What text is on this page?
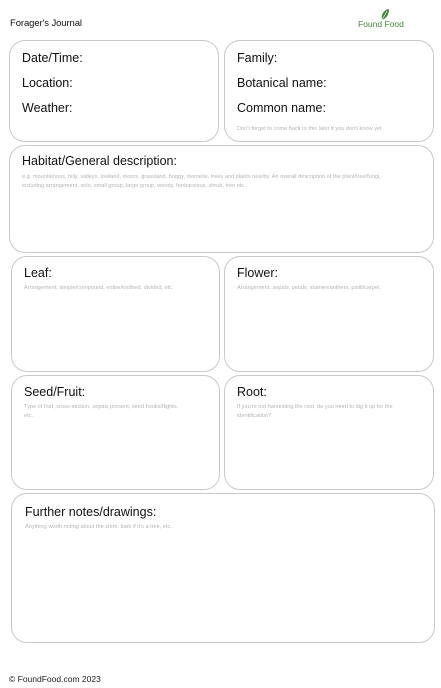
Forager's Journal	Found Food
Date/Time:
Location:
Weather:
Family:
Botanical name:
Common name:
Don't forget to come back to this later if you don't know yet
Habitat/General description:
e.g. mountainous, hilly, valleys, lowland, moors, grassland, boggy, riverside, trees and plants nearby. An overall description of the plant/tree/fungi, including arrangement, solo, small group, large group, woody, herbaceous, shrub, tree etc.
Leaf:
Arrangement, simple/compound, entire/toothed, divided, etc.
Flower:
Arrangement, sepals, petals, stamen/anthers, pistil/carpel,
Seed/Fruit:
Type of fruit, cross-section, sepals present, seed hooks/flights, etc.
Root:
If you're not harvesting the root, do you need to dig it up for the identification?
Further notes/drawings:
Anything worth noting about the stem, bark if it's a tree, etc.
© FoundFood.com 2023
